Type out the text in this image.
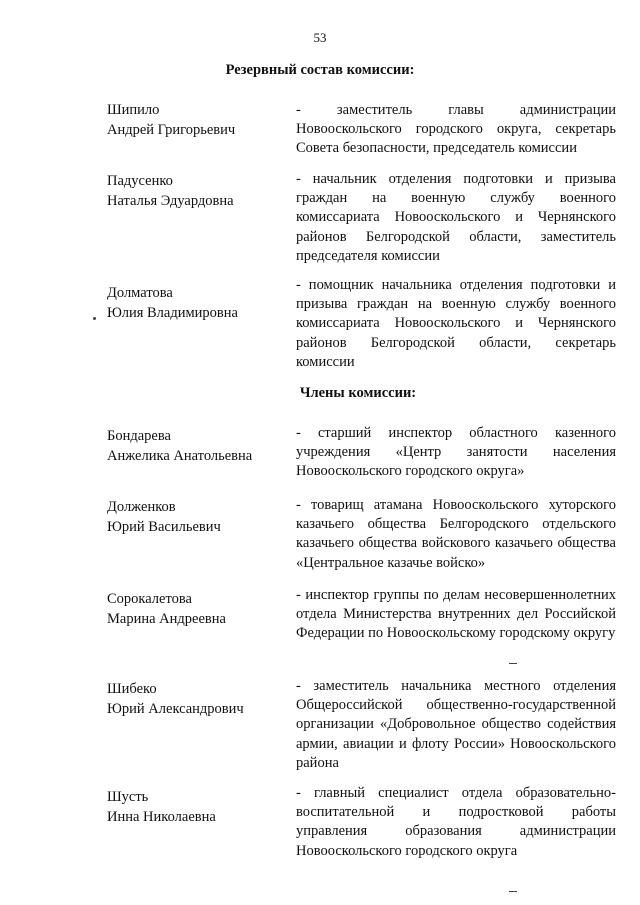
53
Резервный состав комиссии:
Шипило
Андрей Григорьевич
- заместитель главы администрации Новооскольского городского округа, секретарь Совета безопасности, председатель комиссии
Падусенко
Наталья Эдуардовна
- начальник отделения подготовки и призыва граждан на военную службу военного комиссариата Новооскольского и Чернянского районов Белгородской области, заместитель председателя комиссии
Долматова
Юлия Владимировна
- помощник начальника отделения подготовки и призыва граждан на военную службу военного комиссариата Новооскольского и Чернянского районов Белгородской области, секретарь комиссии
Члены комиссии:
Бондарева
Анжелика Анатольевна
- старший инспектор областного казенного учреждения «Центр занятости населения Новооскольского городского округа»
Долженков
Юрий Васильевич
- товарищ атамана Новооскольского хуторского казачьего общества Белгородского отдельского казачьего общества войскового казачьего общества «Центральное казачье войско»
Сорокалетова
Марина Андреевна
- инспектор группы по делам несовершеннолетних отдела Министерства внутренних дел Российской Федерации по Новооскольскому городскому округу
Шибеко
Юрий Александрович
- заместитель начальника местного отделения Общероссийской общественно-государственной организации «Добровольное общество содействия армии, авиации и флоту России» Новооскольского района
Шусть
Инна Николаевна
- главный специалист отдела образовательно-воспитательной и подростковой работы управления образования администрации Новооскольского городского округа
